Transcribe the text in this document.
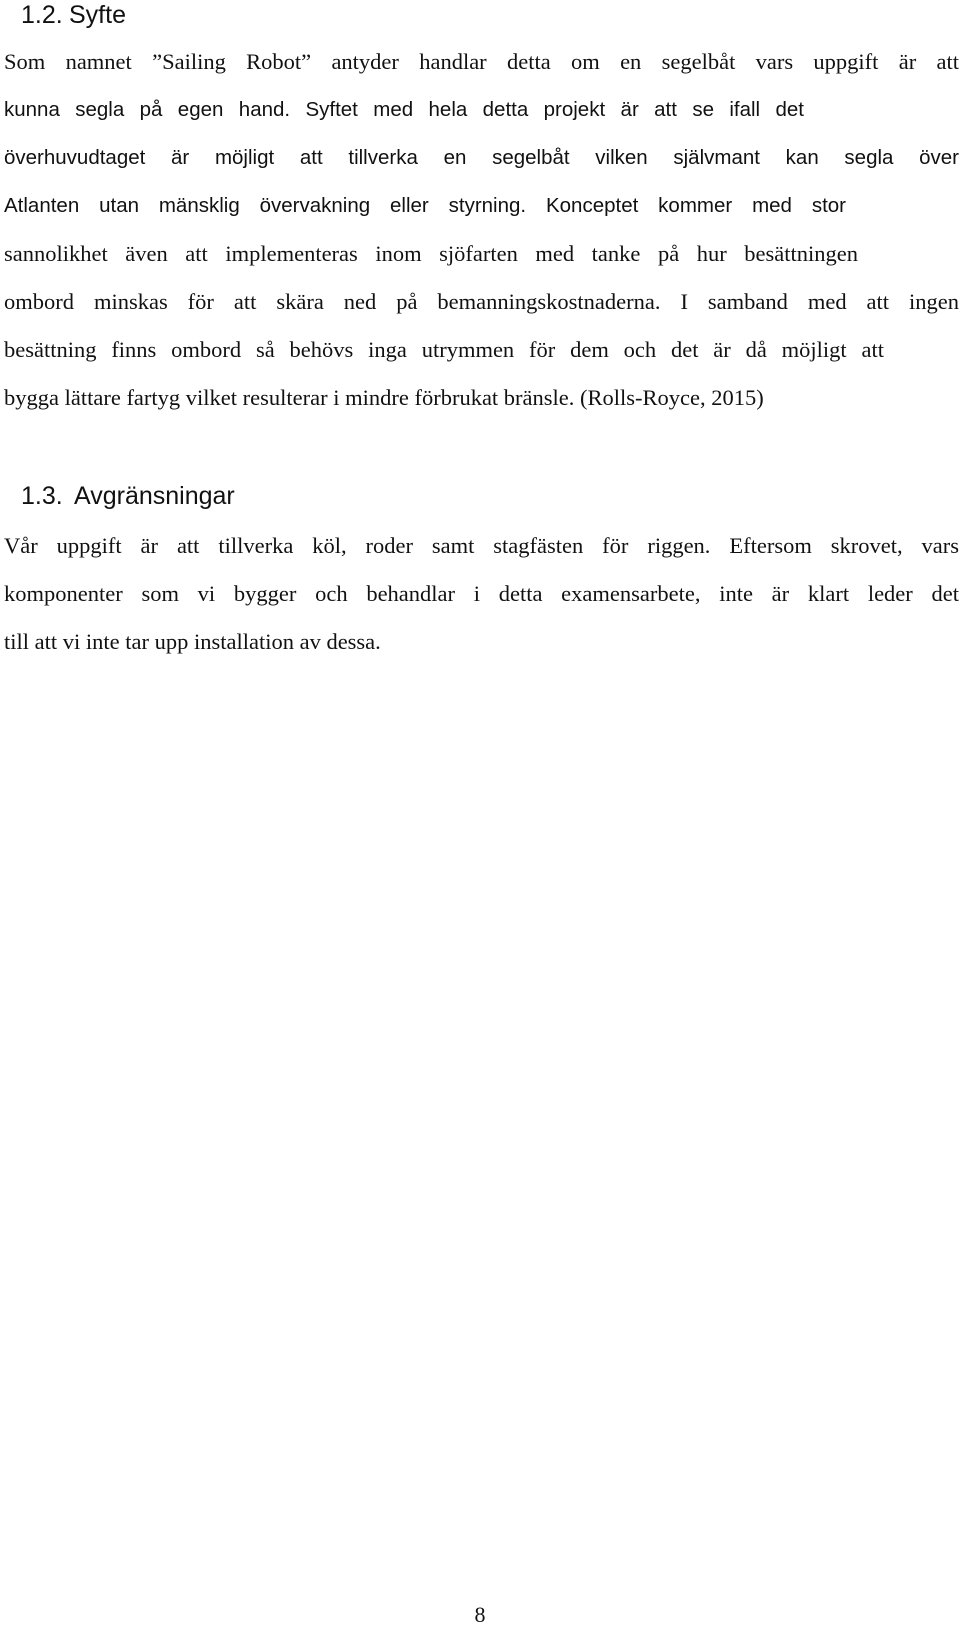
1.2. Syfte
Som namnet ”Sailing Robot” antyder handlar detta om en segelbåt vars uppgift är att
kunna segla på egen hand. Syftet med hela detta projekt är att se ifall det
överhuvudtaget är möjligt att tillverka en segelbåt vilken självmant kan segla över
Atlanten utan mänsklig övervakning eller styrning. Konceptet kommer med stor
sannolikhet även att implementeras inom sjöfarten med tanke på hur besättningen
ombord minskas för att skära ned på bemanningskostnaderna. I samband med att ingen
besättning finns ombord så behövs inga utrymmen för dem och det är då möjligt att
bygga lättare fartyg vilket resulterar i mindre förbrukat bränsle. (Rolls-Royce, 2015)
1.3. Avgränsningar
Vår uppgift är att tillverka köl, roder samt stagfästen för riggen. Eftersom skrovet, vars
komponenter som vi bygger och behandlar i detta examensarbete, inte är klart leder det
till att vi inte tar upp installation av dessa.
8
